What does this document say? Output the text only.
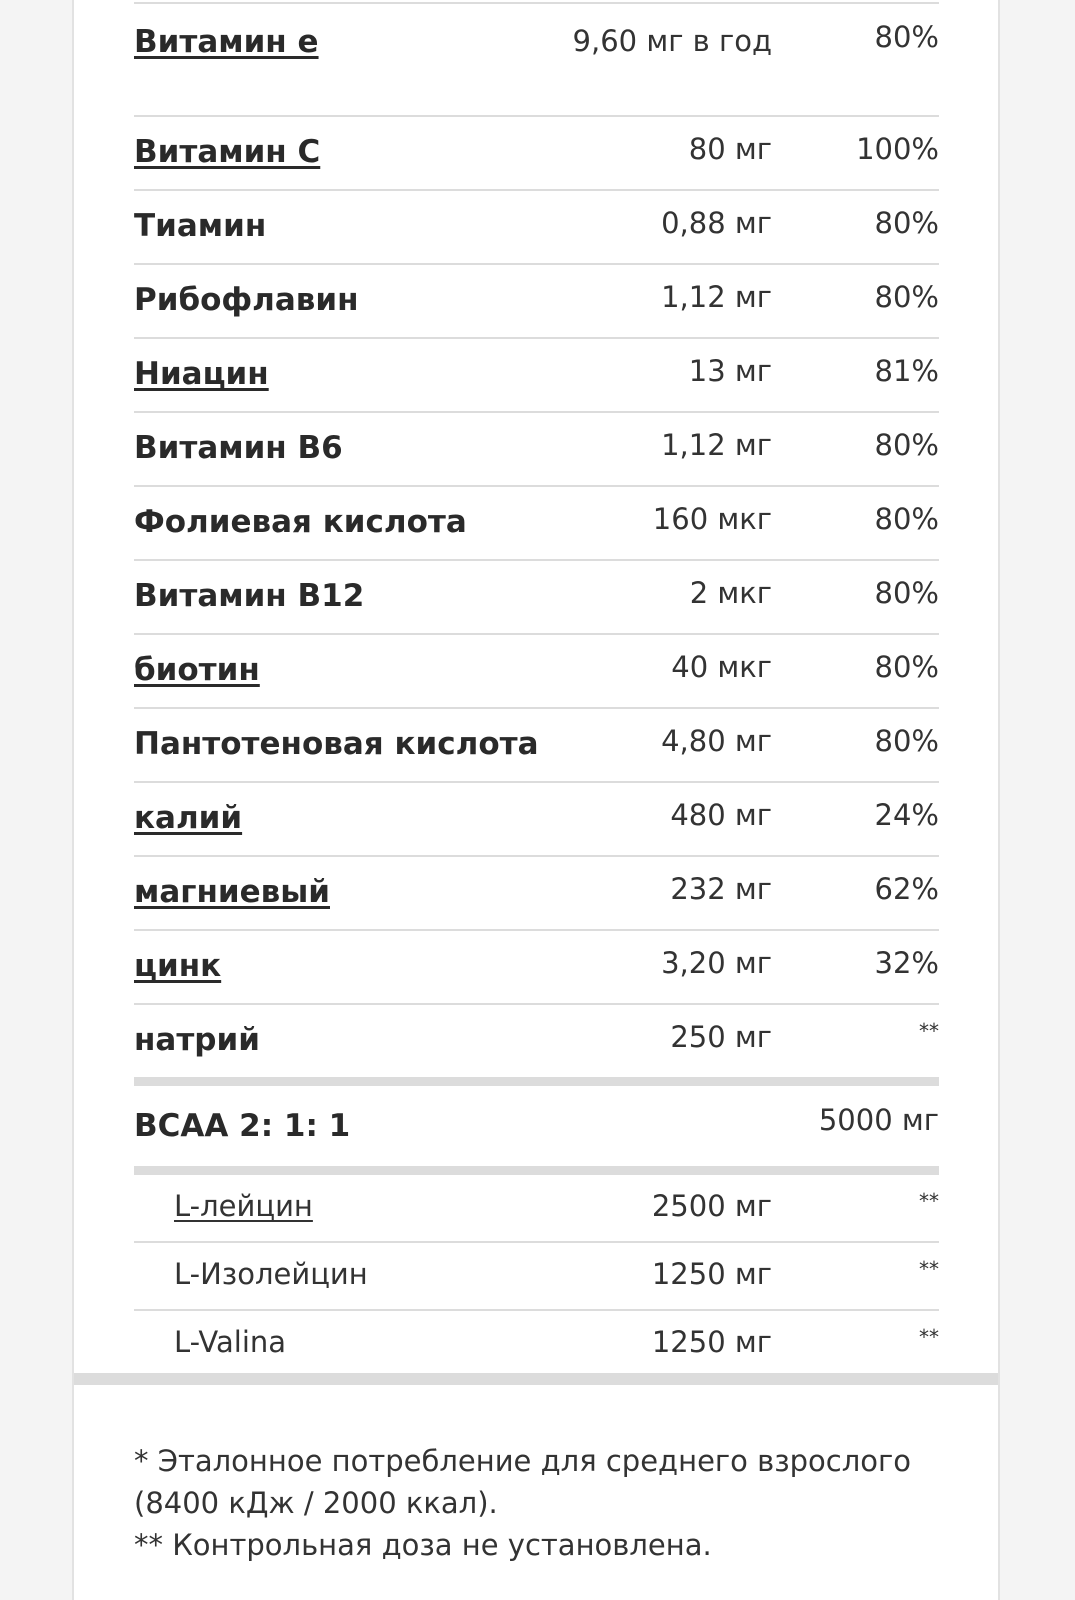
Витамин е	9,60 мг в год	80%
Витамин С	80 мг	100%
Тиамин	0,88 мг	80%
Рибофлавин	1,12 мг	80%
Ниацин	13 мг	81%
Витамин B6	1,12 мг	80%
Фолиевая кислота	160 мкг	80%
Витамин B12	2 мкг	80%
биотин	40 мкг	80%
Пантотеновая кислота	4,80 мг	80%
калий	480 мг	24%
магниевый	232 мг	62%
цинк	3,20 мг	32%
натрий	250 мг	**
BCAA 2: 1: 1	5000 мг
L-лейцин	2500 мг	**
L-Изолейцин	1250 мг	**
L-Valina	1250 мг	**
* Эталонное потребление для среднего взрослого (8400 кДж / 2000 ккал).
** Контрольная доза не установлена.
